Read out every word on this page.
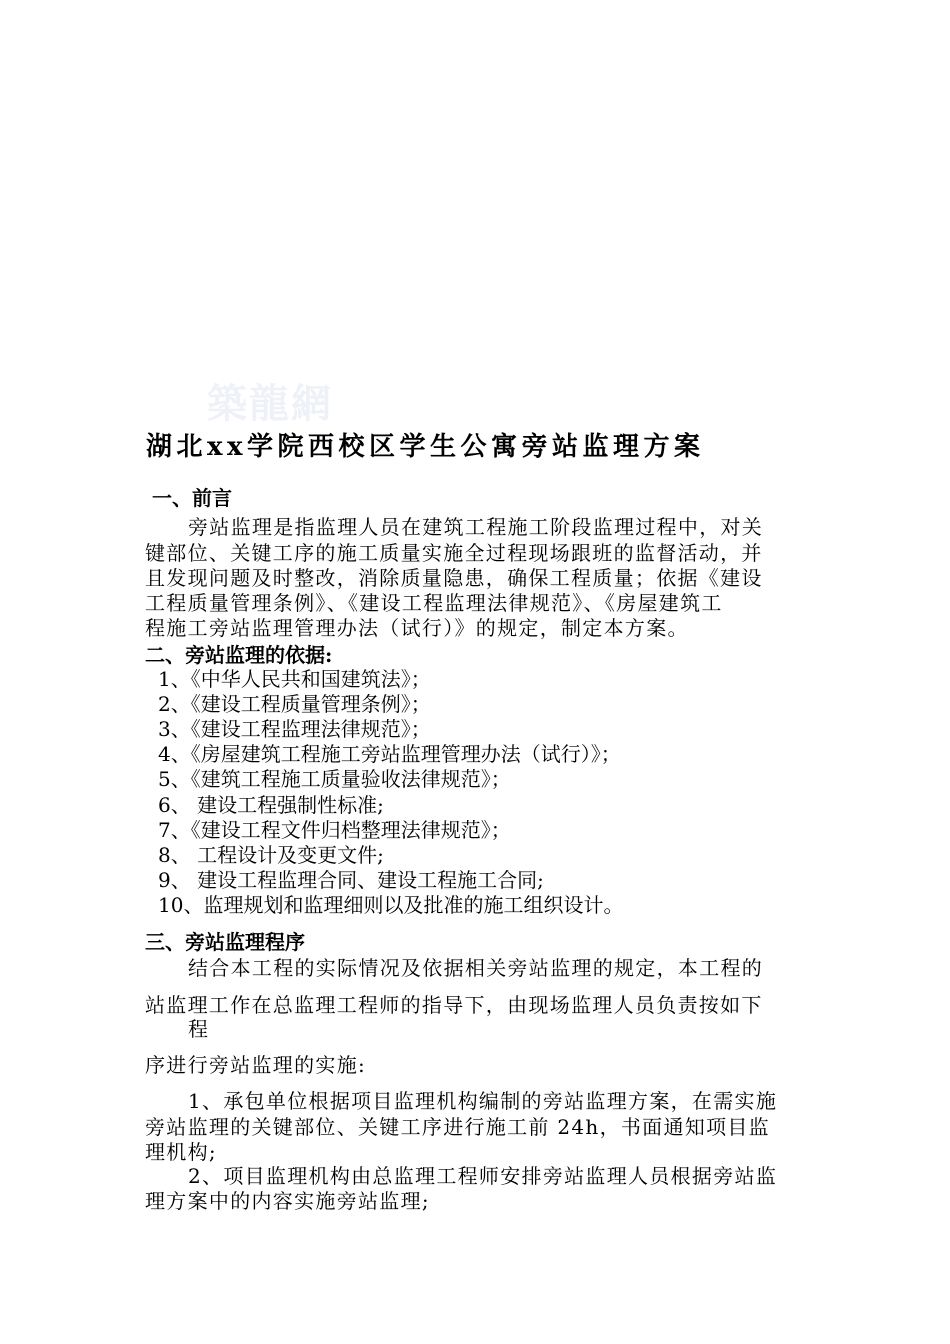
築龍網
湖北xx学院西校区学生公寓旁站监理方案
一、前言
旁站监理是指监理人员在建筑工程施工阶段监理过程中，对关
键部位、关键工序的施工质量实施全过程现场跟班的监督活动，并
且发现问题及时整改，消除质量隐患，确保工程质量；依据《建设
工程质量管理条例》、《建设工程监理法律规范》、《房屋建筑工
程施工旁站监理管理办法（试行）》的规定，制定本方案。
二、旁站监理的依据:
1、《中华人民共和国建筑法》；
2、《建设工程质量管理条例》；
3、《建设工程监理法律规范》；
4、《房屋建筑工程施工旁站监理管理办法（试行）》；
5、《建筑工程施工质量验收法律规范》；
6、 建设工程强制性标准;
7、《建设工程文件归档整理法律规范》；
8、 工程设计及变更文件;
9、 建设工程监理合同、建设工程施工合同;
10、监理规划和监理细则以及批准的施工组织设计。
三、旁站监理程序
结合本工程的实际情况及依据相关旁站监理的规定，本工程的
站监理工作在总监理工程师的指导下，由现场监理人员负责按如下
程
序进行旁站监理的实施:
1、承包单位根据项目监理机构编制的旁站监理方案，在需实施
旁站监理的关键部位、关键工序进行施工前 24h，书面通知项目监
理机构;
2、项目监理机构由总监理工程师安排旁站监理人员根据旁站监
理方案中的内容实施旁站监理;
